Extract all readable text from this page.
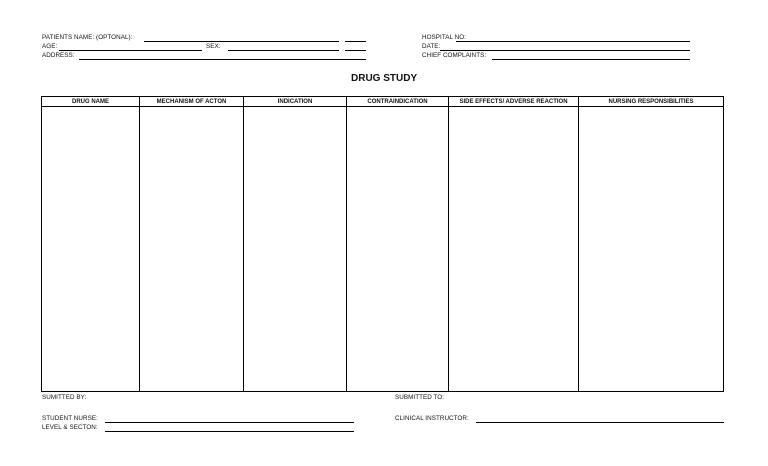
PATIENTS NAME: (OPTONAL):
AGE:	SEX:
ADDRESS:
HOSPITAL NO:
DATE:
CHIEF COMPLAINTS:
DRUG STUDY
DRUG NAME	MECHANISM OF ACTON	INDICATION	CONTRAINDICATION	SIDE EFFECTS/ ADVERSE REACTION	NURSING RESPONSIBILITIES

SUMITTED BY:	SUBMITTED TO:
STUDENT NURSE:
LEVEL & SECTON:
CLINICAL INSTRUCTOR:
